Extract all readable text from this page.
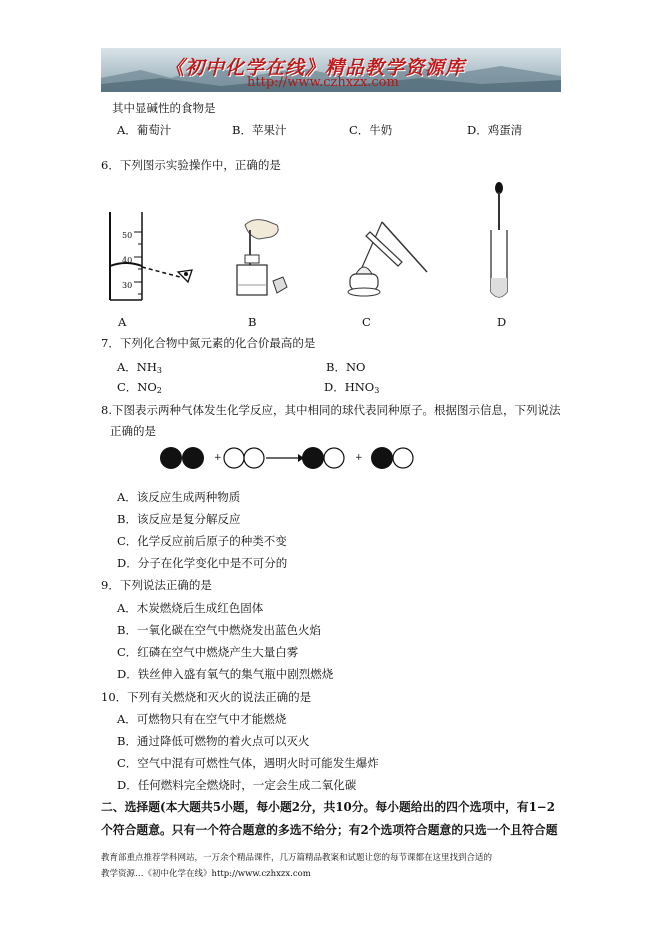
《初中化学在线》精品教学资源库
http://www.czhxzx.com
其中显碱性的食物是
A．葡萄汁	B．苹果汁	C．牛奶	D．鸡蛋清
6．下列图示实验操作中，正确的是
50
40
30
A	B	C	D
7．下列化合物中氮元素的化合价最高的是
A．$NH_3$	B．NO
C．$NO_2$	D．$HNO_3$
8.下图表示两种气体发生化学反应，其中相同的球代表同种原子。根据图示信息，下列说法
正确的是
+	+
A．该反应生成两种物质
B．该反应是复分解反应
C．化学反应前后原子的种类不变
D．分子在化学变化中是不可分的
9．下列说法正确的是
A．木炭燃烧后生成红色固体
B．一氧化碳在空气中燃烧发出蓝色火焰
C．红磷在空气中燃烧产生大量白雾
D．铁丝伸入盛有氧气的集气瓶中剧烈燃烧
10．下列有关燃烧和灭火的说法正确的是
A．可燃物只有在空气中才能燃烧
B．通过降低可燃物的着火点可以灭火
C．空气中混有可燃性气体，遇明火时可能发生爆炸
D．任何燃料完全燃烧时，一定会生成二氧化碳
二、选择题(本大题共5小题，每小题2分，共10分。每小题给出的四个选项中，有1−2
个符合题意。只有一个符合题意的多选不给分；有2个选项符合题意的只选一个且符合题
教育部重点推荐学科网站，一万余个精品课件，几万篇精品教案和试题让您的每节课都在这里找到合适的
教学资源…《初中化学在线》http://www.czhxzx.com
